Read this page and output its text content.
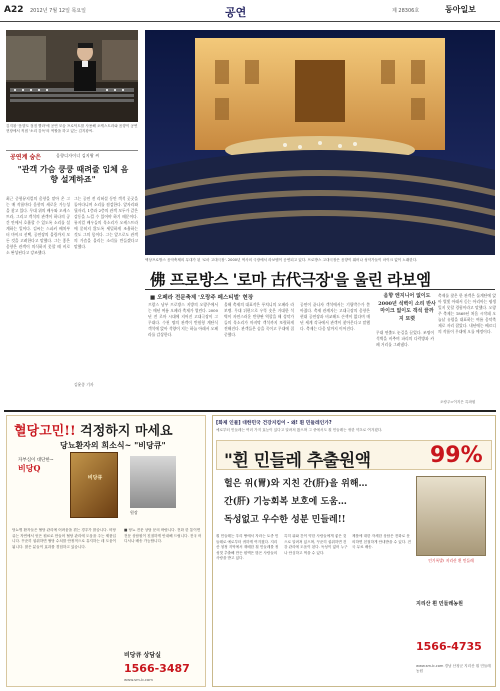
A22 2012년 7월 12일 목요일	공연	제 28306호	동아일보
김지왕 '음향도 점점 빨라'에 공연 모습 프로덕트를 사용해 오케스트라와 음향이 공연 현장에서 직접 '소리 감독'의 역할을 하고 있는 김지왕씨.
공연계 숨은	음향디자이너 김지왕 씨
"관객 가슴 쿵쿵 때려줄 입체 음향 설계하죠"
최근 중형뮤지컬의 음향을 맡아 온 그는 매 작품마다 음향의 새로운 가능성을 찾고 있다. 무대 위의 배우와 오케스트라, 그리고 객석의 관객이 하나의 공간 안에서 호흡할 수 있도록 소리를 설계하는 일이다. 김씨는 스피커 배치부터 마이크 선택, 공연장의 울림까지 모든 것을 고려한다고 말했다. 그는 좋은 음향은 관객이 의식하지 못할 때 비로소 완성된다고 강조했다.
그는 공연 전 리허설 동안 객석 곳곳을 돌아다니며 소리를 점검한다. 앞자리와 뒷자리, 1층과 2층의 관객 모두가 같은 감동을 느낄 수 있어야 하기 때문이다. 뮤지컬 배우들의 목소리가 오케스트라에 묻히지 않도록 세밀하게 조율하는 것도 그의 몫이다. 그는 앞으로도 관객의 가슴을 울리는 소리를 만들겠다고 말했다.
김윤종 기자
엑상프로방스 음악축제의 무대가 된 '로마 고대극장'. 2000년 역사의 극장에서 라보엠이 공연되고 있다. 프로방스 고대극장은 음향이 뛰어나 성악가들이 마이크 없이 노래한다.
佛 프로방스 '로마 古代극장'을 울린 라보엠
■ 오페라 전문축제 '오랑주 페스티벌' 현장
프랑스 남부 프로방스 지방의 오랑주에서는 매년 여름 오페라 축제가 열린다. 2000년 전 로마 시대에 지어진 고대극장이 그 무대다. 수천 명의 관객이 반원형 계단식 객석에 앉아 석양이 지는 하늘 아래서 오페라를 감상한다.
올해 축제의 대표작은 푸치니의 오페라 라보엠. 무대 뒤편으로 우뚝 솟은 거대한 석벽이 자연스러운 반향판 역할을 해 성악가들의 목소리가 마지막 객석까지 또렷하게 전해진다. 관객들은 숨을 죽이고 무대에 집중했다.
공연이 끝나자 객석에서는 기립박수가 쏟아졌다. 축제 관계자는 고대극장의 음향은 현대 공연장과 비교해도 손색이 없다며 매년 세계 각국에서 관객이 찾아온다고 말했다. 축제는 다음 달까지 이어진다.
음향 엔지니어 없이도 2000년 석벽이 소리 반사 마이크 없이도 객석 끝까지 또렷
무대 연출도 눈길을 끌었다. 조명이 석벽을 비추며 파리의 다락방과 카페 거리를 그려냈다.
축제를 찾은 한 관객은 돌계단에 앉아 별빛 아래서 듣는 아리아는 평생 잊지 못할 경험이라고 말했다. 오랑주 축제는 1869년 처음 시작돼 오늘날 유럽을 대표하는 여름 음악축제로 자리 잡았다. 내년에는 베르디의 작품이 무대에 오를 예정이다.
오랑주=이지은 특파원
혈당고민!! 걱정하지 마세요
당뇨환자의 희소식~ "비당큐"
자부심이 대단한~
비당Q
비당큐
원장
당뇨병 환자들은 혈당 관리에 어려움을 겪는 경우가 많습니다. 비당큐는 자연에서 얻은 원료로 만들어 혈당 관리에 도움을 주는 제품입니다. 꾸준히 섭취하면 혈당 수치를 안정적으로 유지하는 데 도움이 됩니다. 많은 분들이 효과를 경험하고 있습니다.
■ 당뇨 전문 상담 문의 바랍니다. 전화 한 통이면 전문 상담원이 친절하게 안내해 드립니다. 전국 어디서나 배송 가능합니다.
비당큐 상담실
1566-3487
www.sm-b.com
[화제 인물] 대한민국 건강지킴이 - 왜! 흰 민들레인가?
예로부터 민들레는 여러 가지 효능이 있다고 알려져 왔으며 그 중에서도 흰 민들레는 귀한 약초로 여겨졌다.
"흰 민들레 추출원액	99%
헐은 위(胃)와 지친 간(肝)을 위해…
간(肝) 기능회복 보호에 도움…
독성없고 우수한 성분 민들레!!
인기폭발! 지리산 흰 민들레
흰 민들레는 우리 땅에서 자라는 토종 민들레로 예로부터 귀하게 여겨졌다. 지리산 청정 지역에서 재배한 흰 민들레를 정성껏 추출해 만든 원액은 많은 사람들의 사랑을 받고 있다.
특히 위와 간이 약한 사람들에게 좋은 것으로 알려져 있으며, 꾸준히 섭취하면 건강 관리에 도움이 된다. 독성이 없어 누구나 안심하고 먹을 수 있다.
제품에 대한 자세한 상담은 전화로 문의하면 친절하게 안내받을 수 있다. 전국 무료 배송.
지리산 흰 민들레농원
1566-4735
www.sm-b.com 경남 산청군 지리산 흰 민들레 농원
